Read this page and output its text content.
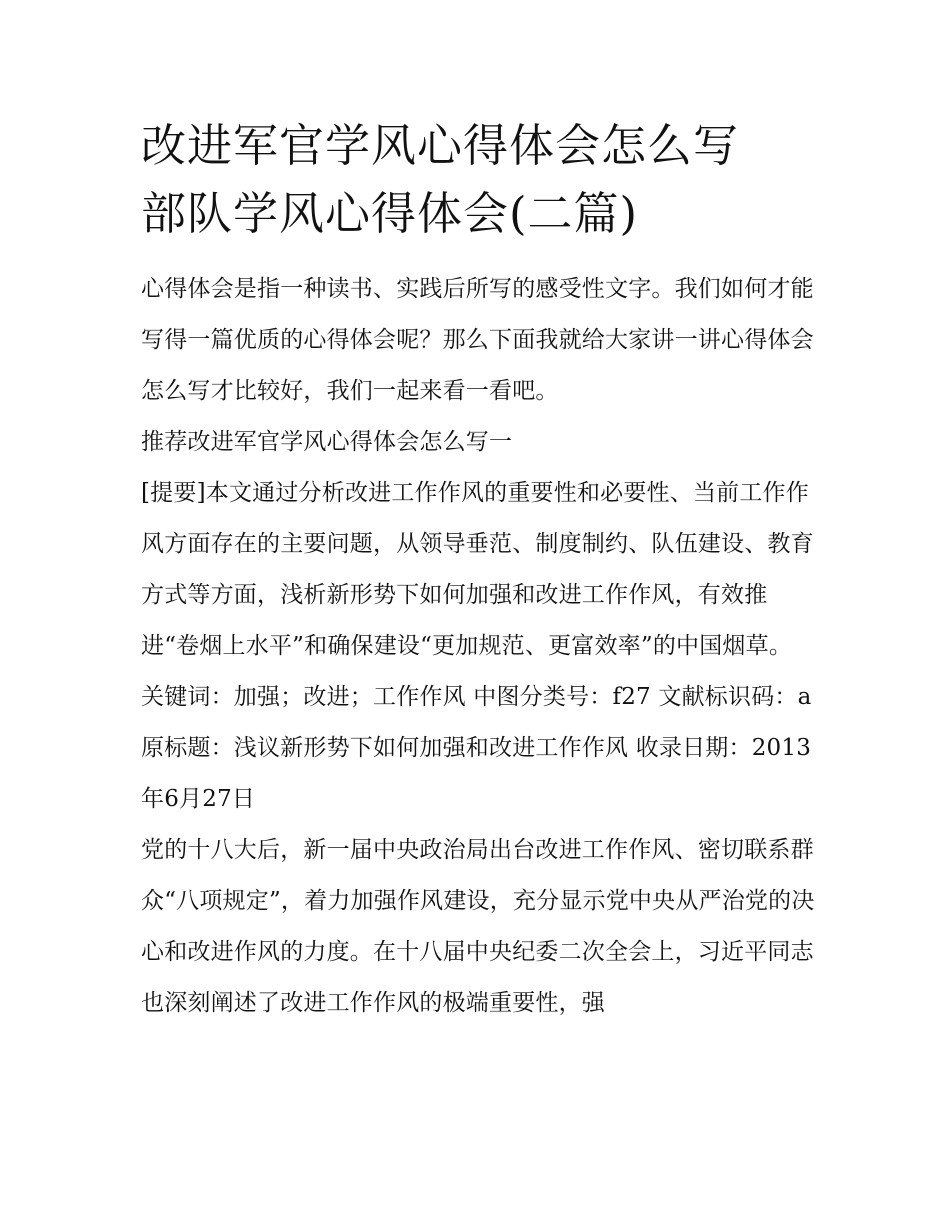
改进军官学风心得体会怎么写
部队学风心得体会(二篇)

心得体会是指一种读书、实践后所写的感受性文字。我们如何才能写得一篇优质的心得体会呢？那么下面我就给大家讲一讲心得体会怎么写才比较好，我们一起来看一看吧。

推荐改进军官学风心得体会怎么写一

[提要]本文通过分析改进工作作风的重要性和必要性、当前工作作风方面存在的主要问题，从领导垂范、制度制约、队伍建设、教育方式等方面，浅析新形势下如何加强和改进工作作风，有效推进“卷烟上水平”和确保建设“更加规范、更富效率”的中国烟草。

关键词：加强；改进；工作作风 中图分类号：f27 文献标识码：a 原标题：浅议新形势下如何加强和改进工作作风 收录日期：2013年6月27日

党的十八大后，新一届中央政治局出台改进工作作风、密切联系群众“八项规定”，着力加强作风建设，充分显示党中央从严治党的决心和改进作风的力度。在十八届中央纪委二次全会上，习近平同志也深刻阐述了改进工作作风的极端重要性，强
